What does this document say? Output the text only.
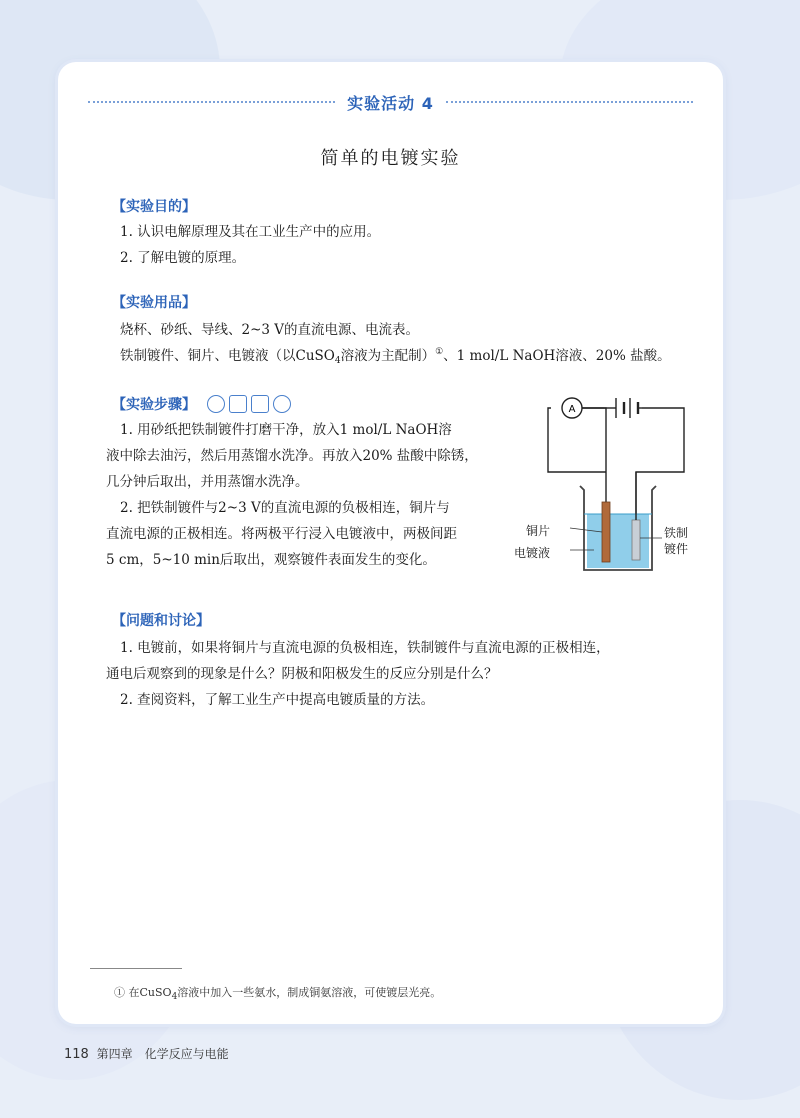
实验活动 4
简单的电镀实验
【实验目的】
1. 认识电解原理及其在工业生产中的应用。
2. 了解电镀的原理。
【实验用品】
烧杯、砂纸、导线、2~3 V的直流电源、电流表。
铁制镀件、铜片、电镀液（以CuSO$_4$溶液为主配制）①、1 mol/L NaOH溶液、20% 盐酸。
【实验步骤】
1. 用砂纸把铁制镀件打磨干净，放入1 mol/L NaOH溶
液中除去油污，然后用蒸馏水洗净。再放入20% 盐酸中除锈，
几分钟后取出，并用蒸馏水洗净。
2. 把铁制镀件与2~3 V的直流电源的负极相连，铜片与
直流电源的正极相连。将两极平行浸入电镀液中，两极间距
5 cm，5~10 min后取出，观察镀件表面发生的变化。
A
铜片
电镀液
铁制
镀件
【问题和讨论】
1. 电镀前，如果将铜片与直流电源的负极相连，铁制镀件与直流电源的正极相连，
通电后观察到的现象是什么？阴极和阳极发生的反应分别是什么？
2. 查阅资料，了解工业生产中提高电镀质量的方法。
① 在CuSO$_4$溶液中加入一些氨水，制成铜氨溶液，可使镀层光亮。
118 第四章　化学反应与电能
